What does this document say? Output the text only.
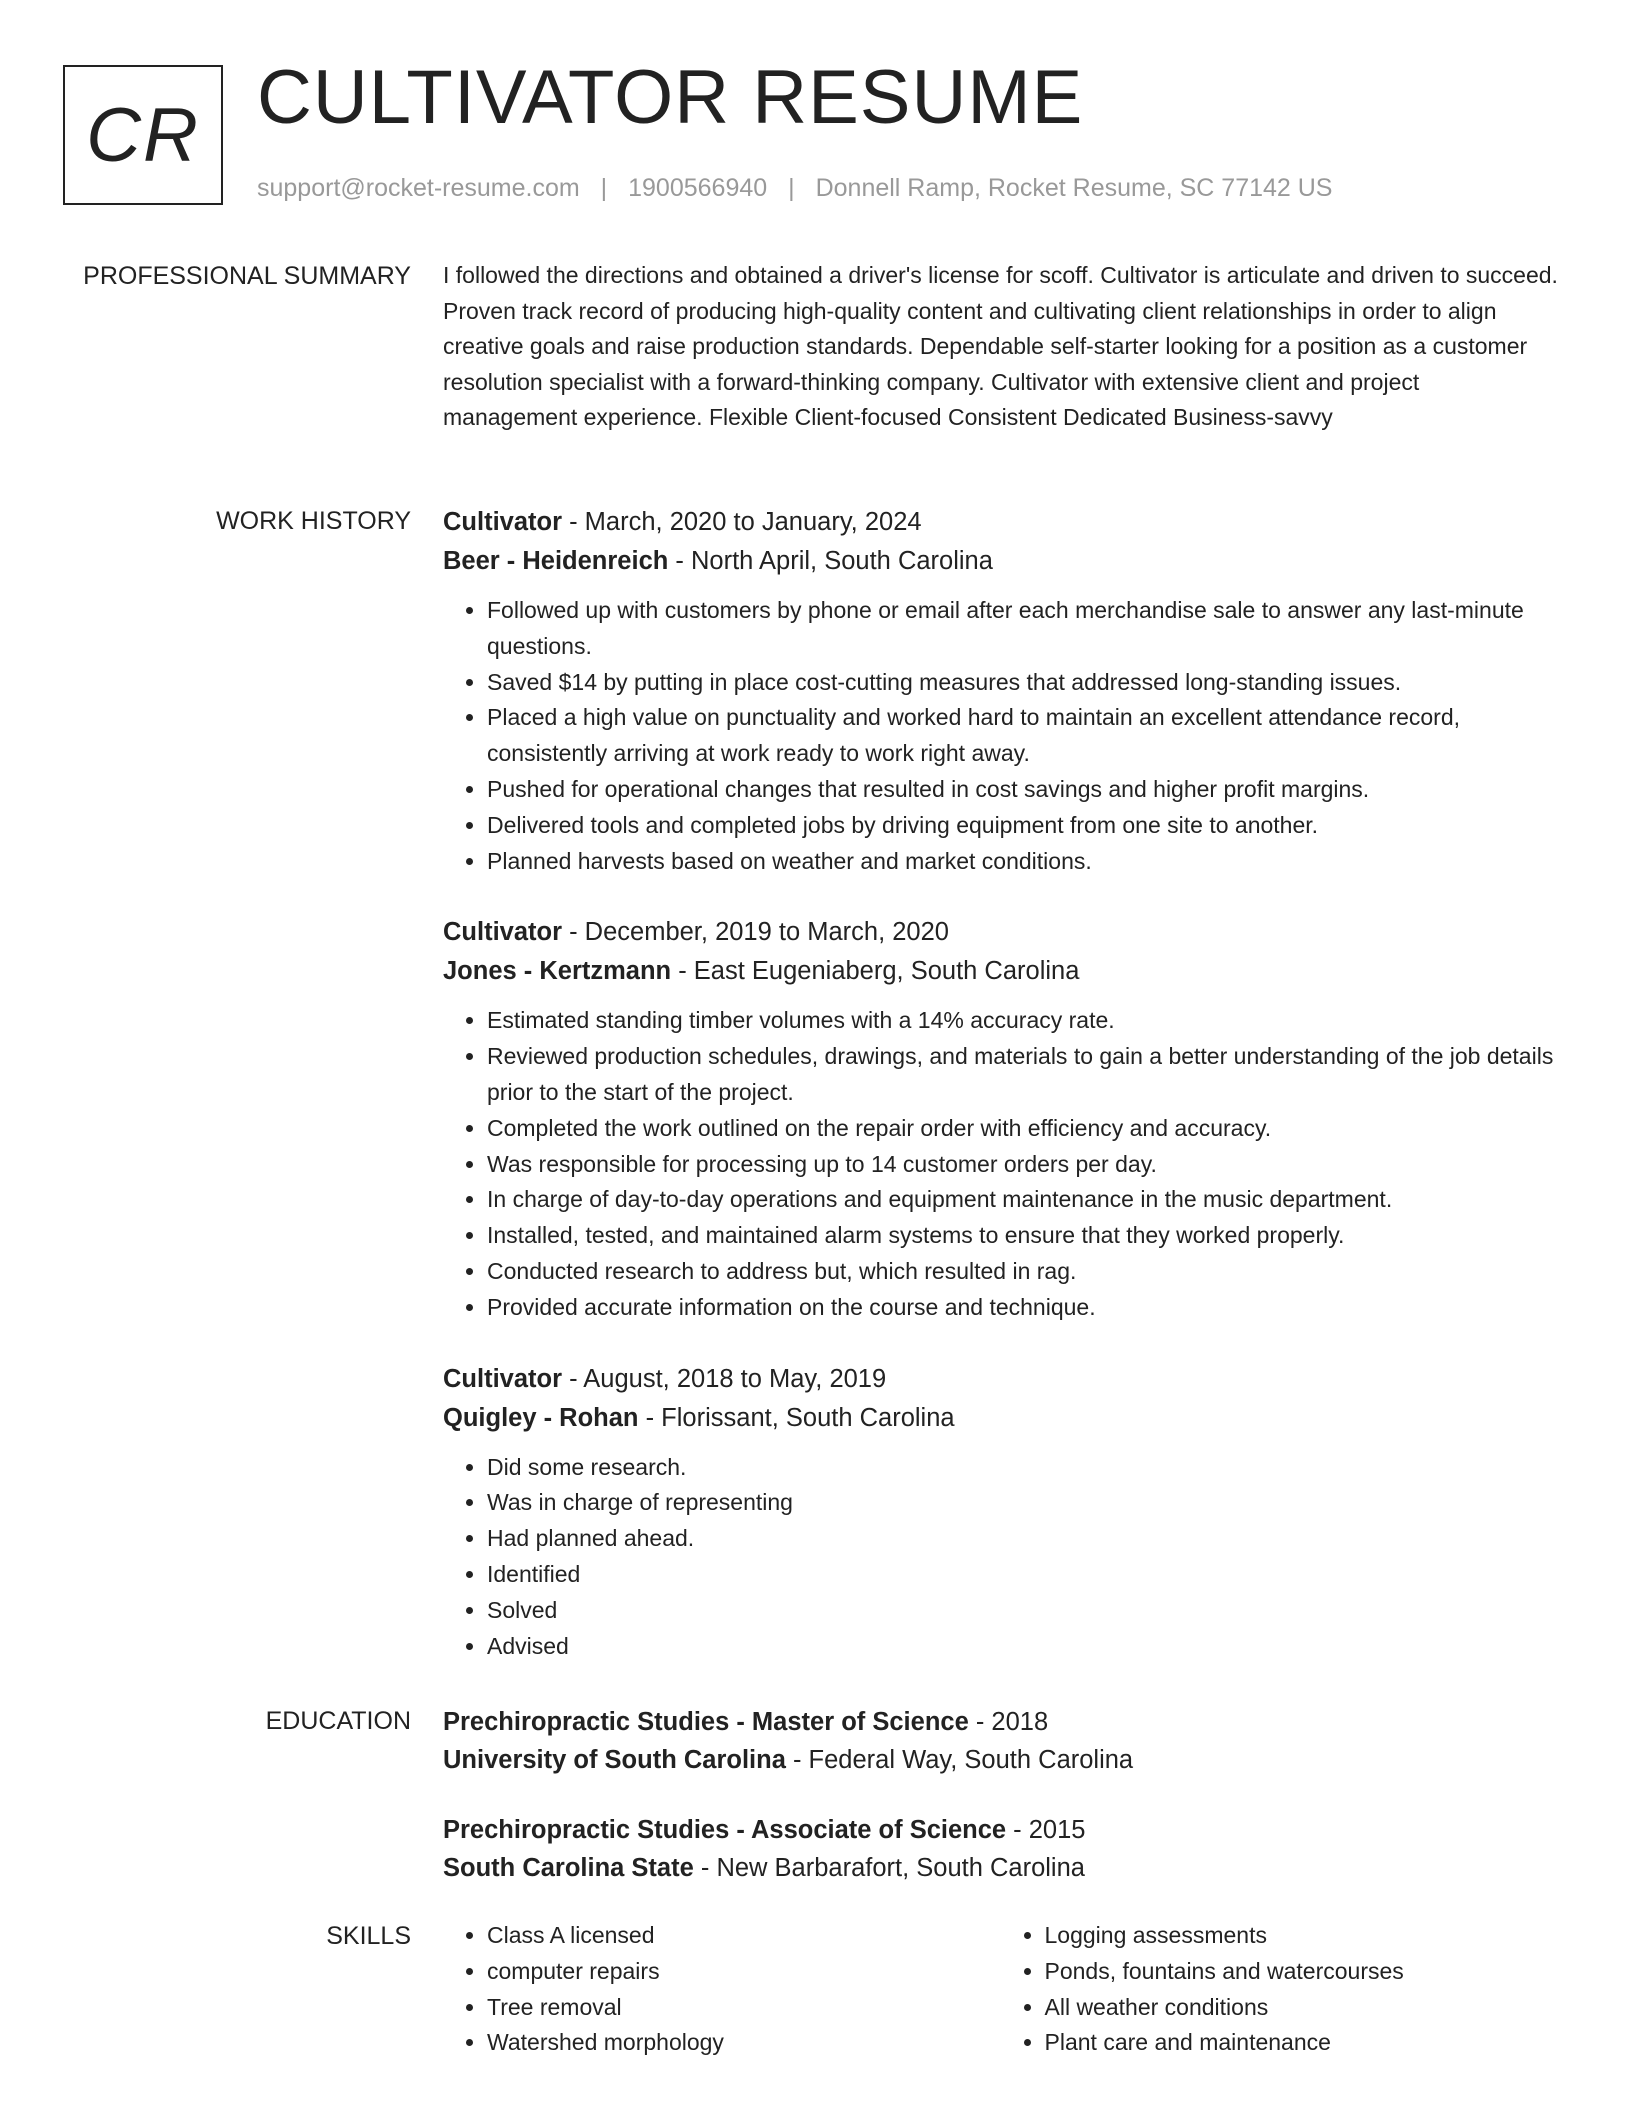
CR CULTIVATOR RESUME
support@rocket-resume.com | 1900566940 | Donnell Ramp, Rocket Resume, SC 77142 US
PROFESSIONAL SUMMARY I followed the directions and obtained a driver's license for scoff. Cultivator is articulate and driven to succeed. Proven track record of producing high-quality content and cultivating client relationships in order to align creative goals and raise production standards. Dependable self-starter looking for a position as a customer resolution specialist with a forward-thinking company. Cultivator with extensive client and project management experience. Flexible Client-focused Consistent Dedicated Business-savvy

WORK HISTORY Cultivator - March, 2020 to January, 2024
Beer - Heidenreich - North April, South Carolina
• Followed up with customers by phone or email after each merchandise sale to answer any last-minute questions.
• Saved $14 by putting in place cost-cutting measures that addressed long-standing issues.
• Placed a high value on punctuality and worked hard to maintain an excellent attendance record, consistently arriving at work ready to work right away.
• Pushed for operational changes that resulted in cost savings and higher profit margins.
• Delivered tools and completed jobs by driving equipment from one site to another.
• Planned harvests based on weather and market conditions.
Cultivator - December, 2019 to March, 2020
Jones - Kertzmann - East Eugeniaberg, South Carolina
• Estimated standing timber volumes with a 14% accuracy rate.
• Reviewed production schedules, drawings, and materials to gain a better understanding of the job details prior to the start of the project.
• Completed the work outlined on the repair order with efficiency and accuracy.
• Was responsible for processing up to 14 customer orders per day.
• In charge of day-to-day operations and equipment maintenance in the music department.
• Installed, tested, and maintained alarm systems to ensure that they worked properly.
• Conducted research to address but, which resulted in rag.
• Provided accurate information on the course and technique.
Cultivator - August, 2018 to May, 2019
Quigley - Rohan - Florissant, South Carolina
• Did some research.
• Was in charge of representing
• Had planned ahead.
• Identified
• Solved
• Advised
EDUCATION Prechiropractic Studies - Master of Science - 2018
University of South Carolina - Federal Way, South Carolina
Prechiropractic Studies - Associate of Science - 2015
South Carolina State - New Barbarafort, South Carolina
SKILLS
•	Class A licensed
• computer repairs
• Tree removal
• Watershed morphology
• Logging assessments
• Ponds, fountains and watercourses
• All weather conditions
• Plant care and maintenance
